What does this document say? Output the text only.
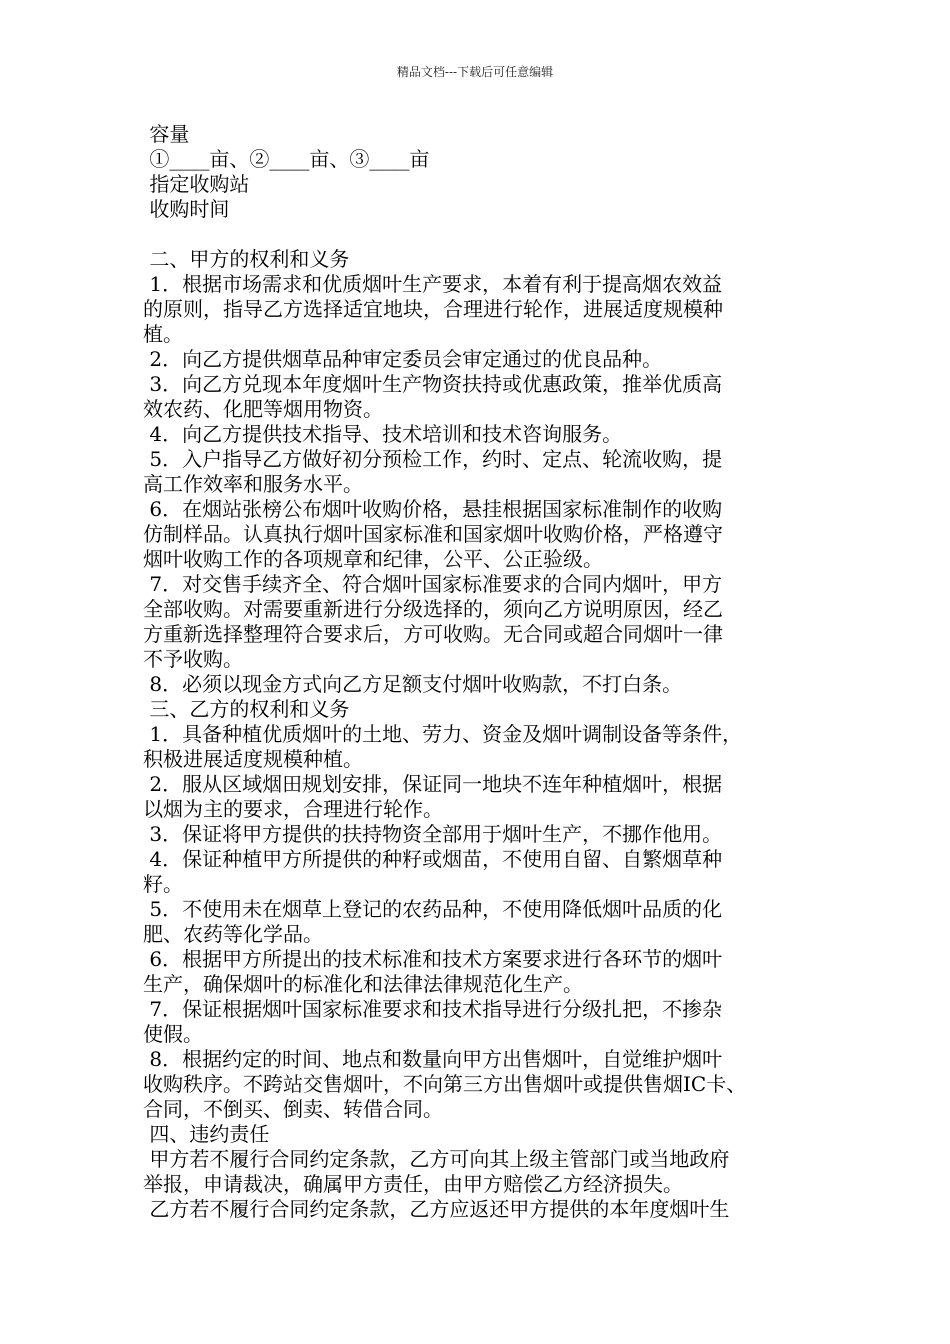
精品文档---下载后可任意编辑
容量
①____亩、②____亩、③____亩
指定收购站
收购时间
二、甲方的权利和义务
1．根据市场需求和优质烟叶生产要求，本着有利于提高烟农效益
的原则，指导乙方选择适宜地块，合理进行轮作，进展适度规模种
植。
2．向乙方提供烟草品种审定委员会审定通过的优良品种。
3．向乙方兑现本年度烟叶生产物资扶持或优惠政策，推举优质高
效农药、化肥等烟用物资。
4．向乙方提供技术指导、技术培训和技术咨询服务。
5．入户指导乙方做好初分预检工作，约时、定点、轮流收购，提
高工作效率和服务水平。
6．在烟站张榜公布烟叶收购价格，悬挂根据国家标准制作的收购
仿制样品。认真执行烟叶国家标准和国家烟叶收购价格，严格遵守
烟叶收购工作的各项规章和纪律，公平、公正验级。
7．对交售手续齐全、符合烟叶国家标准要求的合同内烟叶，甲方
全部收购。对需要重新进行分级选择的，须向乙方说明原因，经乙
方重新选择整理符合要求后，方可收购。无合同或超合同烟叶一律
不予收购。
8．必须以现金方式向乙方足额支付烟叶收购款，不打白条。
三、乙方的权利和义务
1．具备种植优质烟叶的土地、劳力、资金及烟叶调制设备等条件，
积极进展适度规模种植。
2．服从区域烟田规划安排，保证同一地块不连年种植烟叶，根据
以烟为主的要求，合理进行轮作。
3．保证将甲方提供的扶持物资全部用于烟叶生产，不挪作他用。
4．保证种植甲方所提供的种籽或烟苗，不使用自留、自繁烟草种
籽。
5．不使用未在烟草上登记的农药品种，不使用降低烟叶品质的化
肥、农药等化学品。
6．根据甲方所提出的技术标准和技术方案要求进行各环节的烟叶
生产，确保烟叶的标准化和法律法律规范化生产。
7．保证根据烟叶国家标准要求和技术指导进行分级扎把，不掺杂
使假。
8．根据约定的时间、地点和数量向甲方出售烟叶，自觉维护烟叶
收购秩序。不跨站交售烟叶，不向第三方出售烟叶或提供售烟IC卡、
合同，不倒买、倒卖、转借合同。
四、违约责任
甲方若不履行合同约定条款，乙方可向其上级主管部门或当地政府
举报，申请裁决，确属甲方责任，由甲方赔偿乙方经济损失。
乙方若不履行合同约定条款，乙方应返还甲方提供的本年度烟叶生
